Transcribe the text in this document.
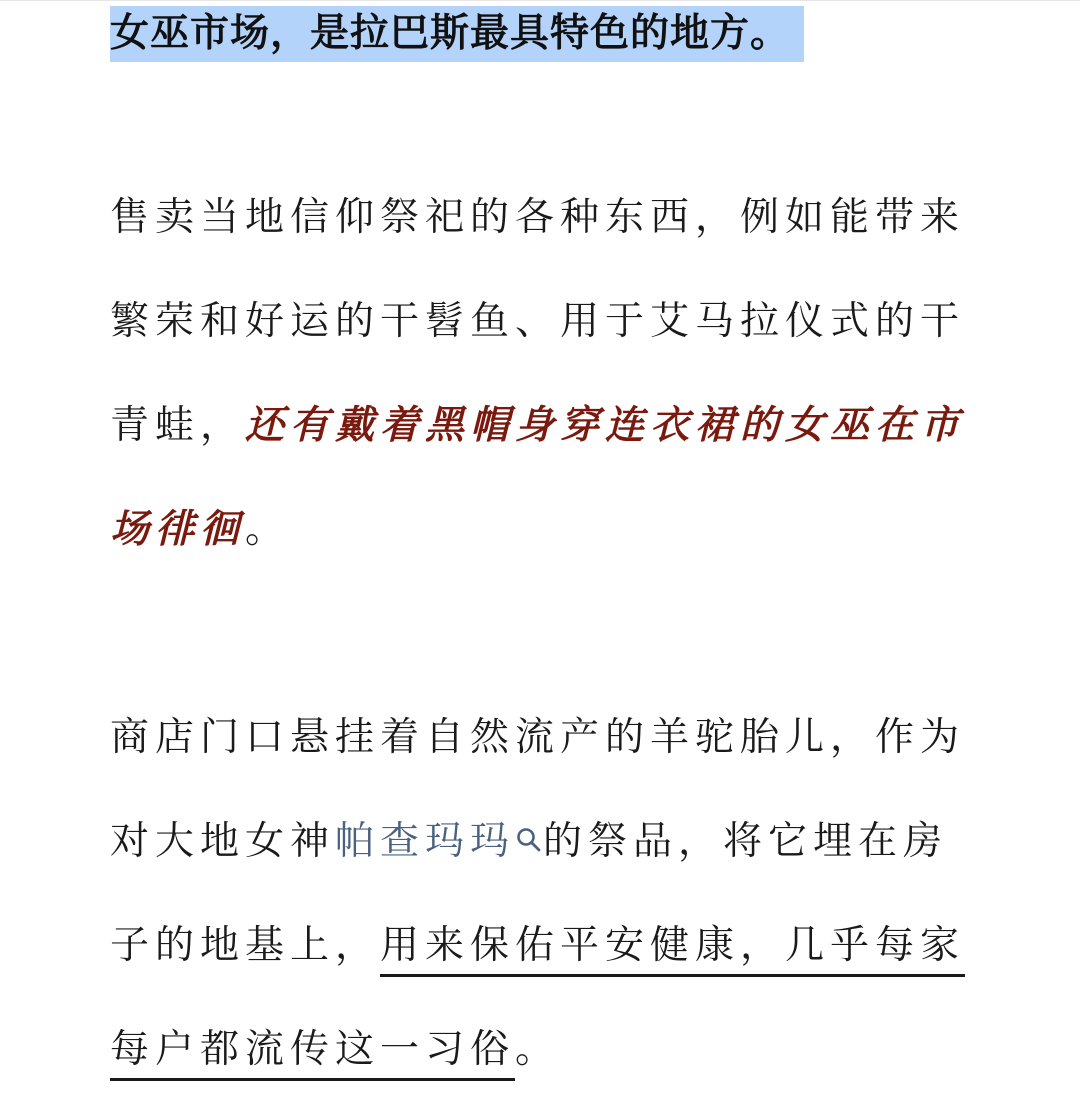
女巫市场，是拉巴斯最具特色的地方。
售卖当地信仰祭祀的各种东西，例如能带来
繁荣和好运的干髫鱼、用于艾马拉仪式的干
青蛙，还有戴着黑帽身穿连衣裙的女巫在市
场徘徊。
商店门口悬挂着自然流产的羊驼胎儿，作为
对大地女神帕查玛玛 的祭品，将它埋在房
子的地基上，用来保佑平安健康，几乎每家
每户都流传这一习俗。
